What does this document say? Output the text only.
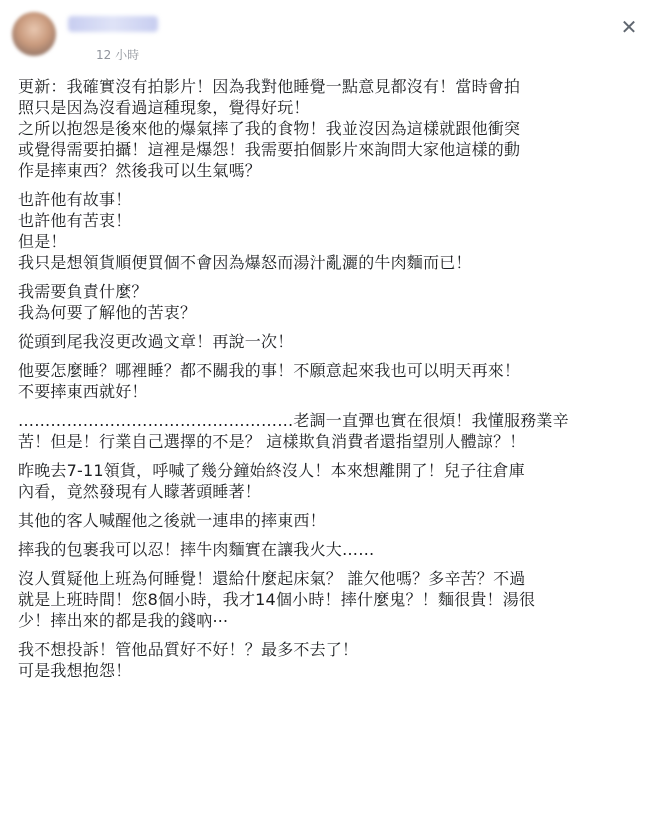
12 小時
✕
更新：我確實沒有拍影片！因為我對他睡覺一點意見都沒有！當時會拍
照只是因為沒看過這種現象，覺得好玩！
之所以抱怨是後來他的爆氣摔了我的食物！我並沒因為這樣就跟他衝突
或覺得需要拍攝！這裡是爆怨！我需要拍個影片來詢問大家他這樣的動
作是摔東西？然後我可以生氣嗎？
也許他有故事！
也許他有苦衷！
但是！
我只是想領貨順便買個不會因為爆怒而湯汁亂灑的牛肉麵而已！
我需要負責什麼？
我為何要了解他的苦衷？
從頭到尾我沒更改過文章！再說一次！
他要怎麼睡？哪裡睡？都不關我的事！不願意起來我也可以明天再來！
不要摔東西就好！
……………………………………………老調一直彈也實在很煩！我懂服務業辛
苦！但是！行業自己選擇的不是？ 這樣欺負消費者還指望別人體諒？！
昨晚去7-11領貨，呼喊了幾分鐘始終沒人！本來想離開了！兒子往倉庫
內看，竟然發現有人矇著頭睡著！
其他的客人喊醒他之後就一連串的摔東西！
摔我的包裹我可以忍！摔牛肉麵實在讓我火大……
沒人質疑他上班為何睡覺！還給什麼起床氣？ 誰欠他嗎？多辛苦？不過
就是上班時間！您8個小時，我才14個小時！摔什麼鬼？！麵很貴！湯很
少！摔出來的都是我的錢吶⋯
我不想投訴！管他品質好不好！？最多不去了！
可是我想抱怨！
